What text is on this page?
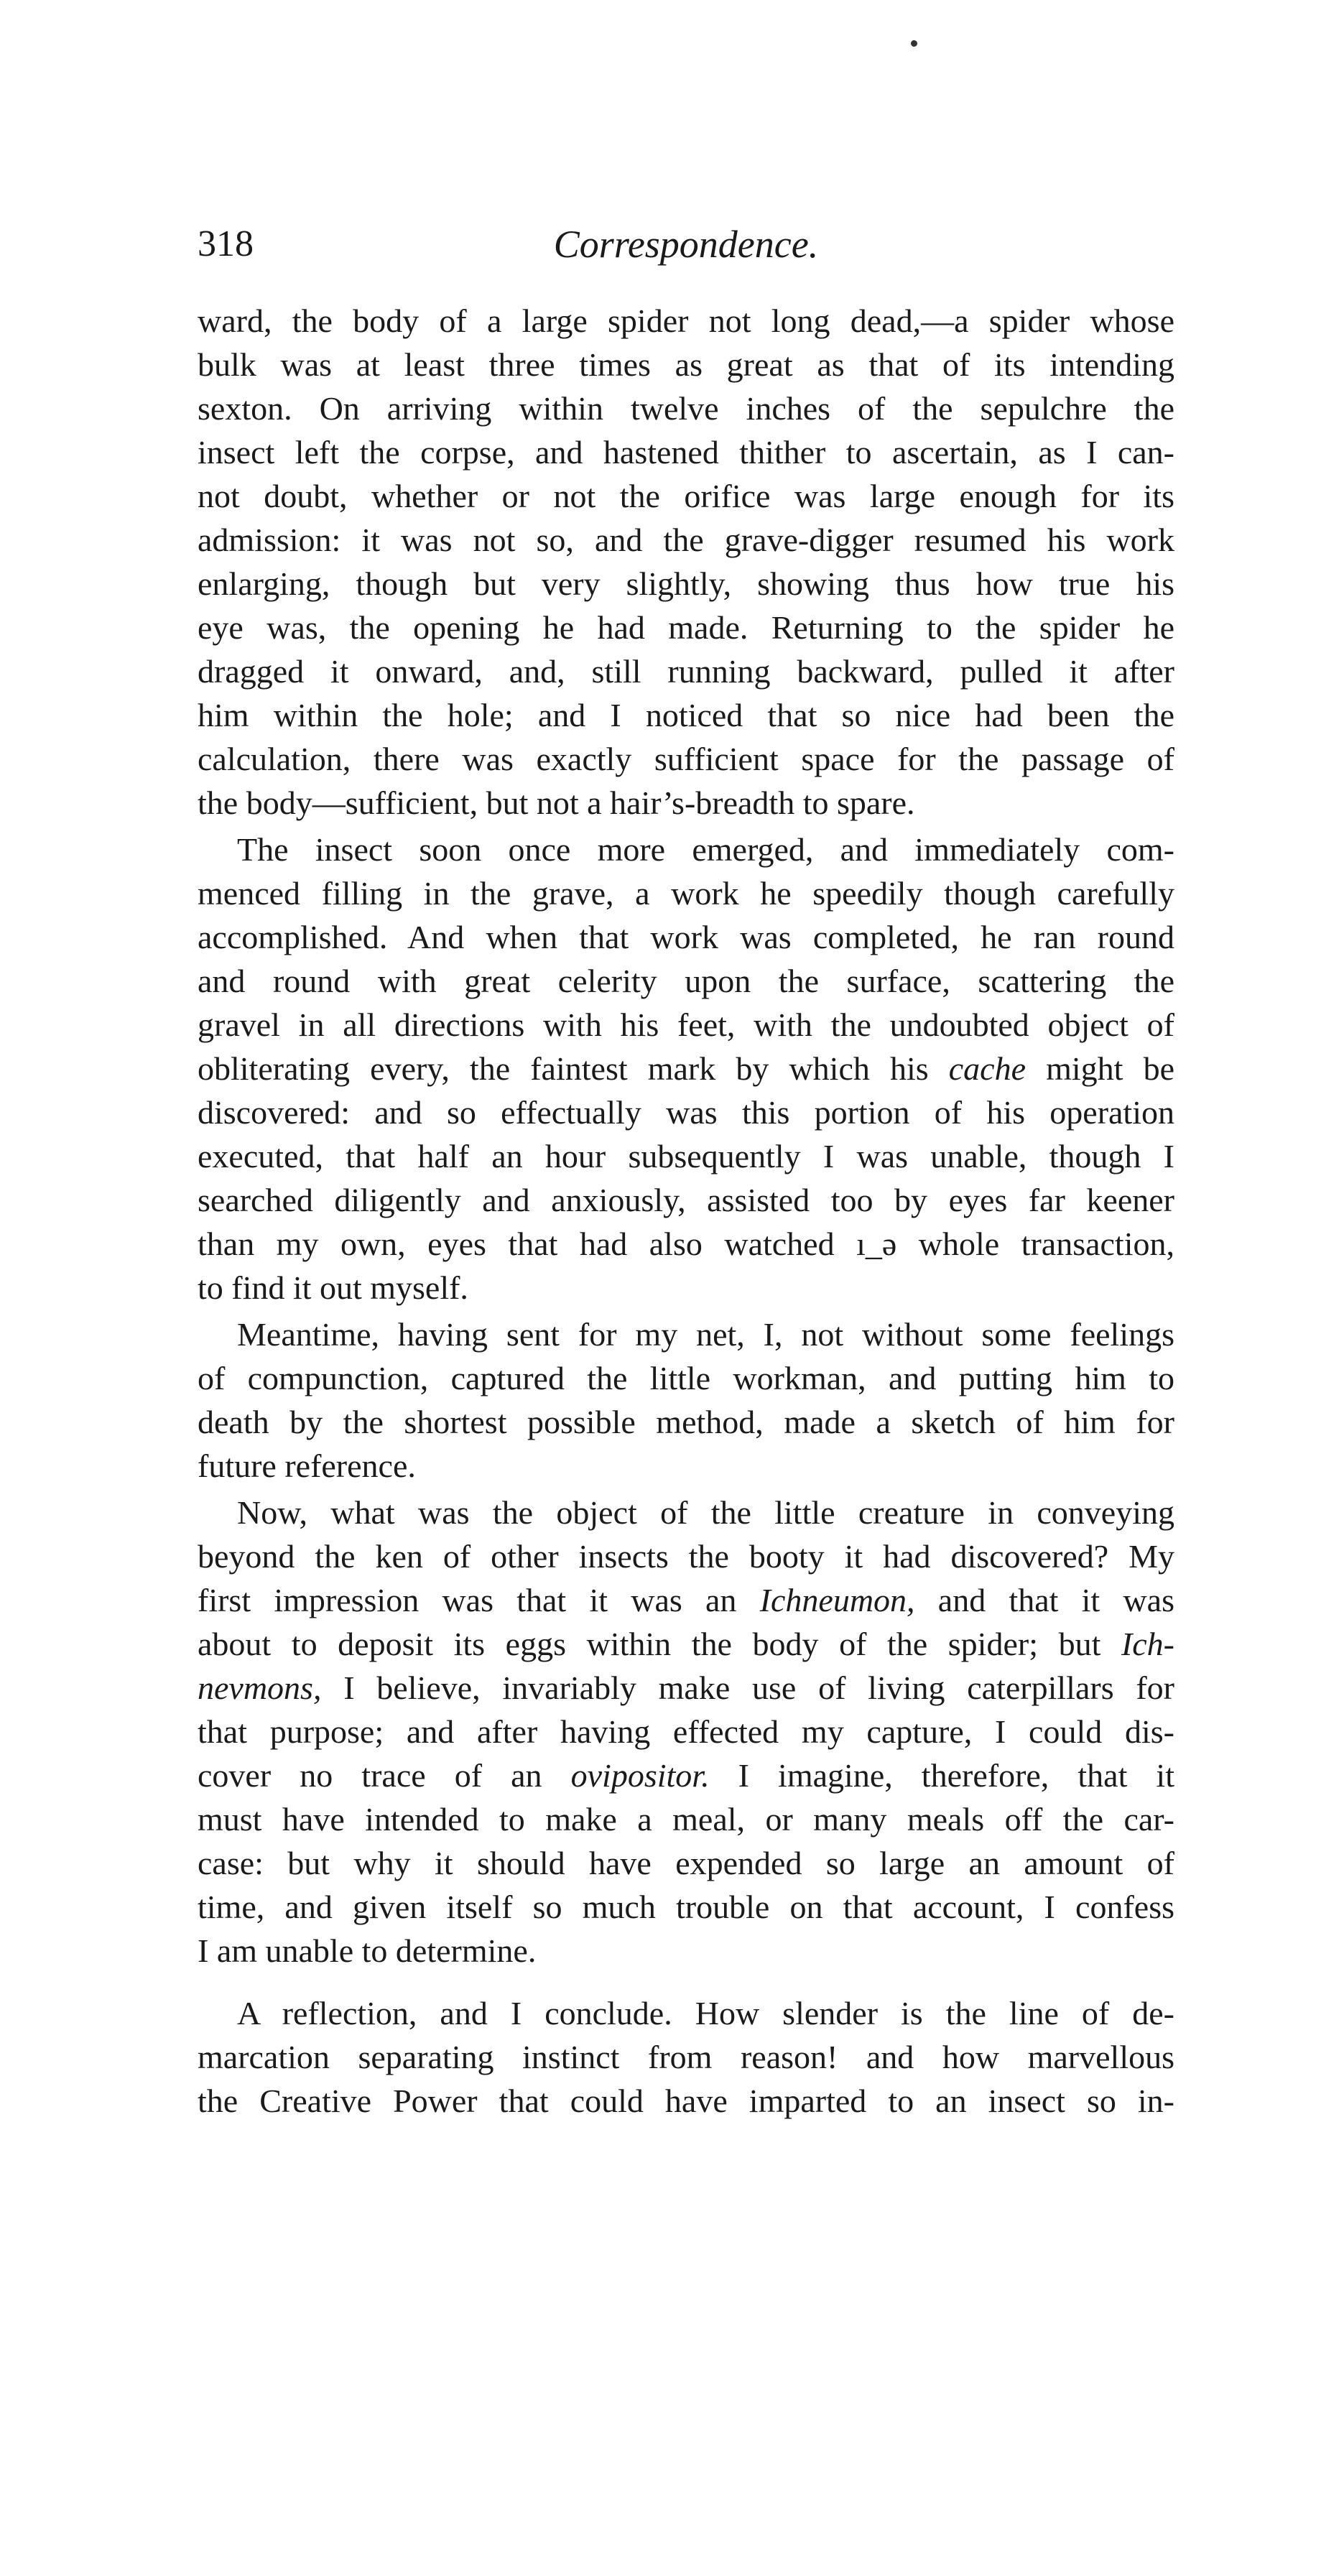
318	Correspondence.

ward, the body of a large spider not long dead,—a spider whose
bulk was at least three times as great as that of its intending
sexton. On arriving within twelve inches of the sepulchre the
insect left the corpse, and hastened thither to ascertain, as I can-
not doubt, whether or not the orifice was large enough for its
admission: it was not so, and the grave-digger resumed his work
enlarging, though but very slightly, showing thus how true his
eye was, the opening he had made. Returning to the spider he
dragged it onward, and, still running backward, pulled it after
him within the hole; and I noticed that so nice had been the
calculation, there was exactly sufficient space for the passage of
the body—sufficient, but not a hair’s-breadth to spare.

The insect soon once more emerged, and immediately com-
menced filling in the grave, a work he speedily though carefully
accomplished. And when that work was completed, he ran round
and round with great celerity upon the surface, scattering the
gravel in all directions with his feet, with the undoubted object of
obliterating every, the faintest mark by which his cache might be
discovered: and so effectually was this portion of his operation
executed, that half an hour subsequently I was unable, though I
searched diligently and anxiously, assisted too by eyes far keener
than my own, eyes that had also watched ı_ə whole transaction,
to find it out myself.

Meantime, having sent for my net, I, not without some feelings
of compunction, captured the little workman, and putting him to
death by the shortest possible method, made a sketch of him for
future reference.

Now, what was the object of the little creature in conveying
beyond the ken of other insects the booty it had discovered? My
first impression was that it was an Ichneumon, and that it was
about to deposit its eggs within the body of the spider; but Ich-
nevmons, I believe, invariably make use of living caterpillars for
that purpose; and after having effected my capture, I could dis-
cover no trace of an ovipositor. I imagine, therefore, that it
must have intended to make a meal, or many meals off the car-
case: but why it should have expended so large an amount of
time, and given itself so much trouble on that account, I confess
I am unable to determine.

A reflection, and I conclude. How slender is the line of de-
marcation separating instinct from reason! and how marvellous
the Creative Power that could have imparted to an insect so in-
